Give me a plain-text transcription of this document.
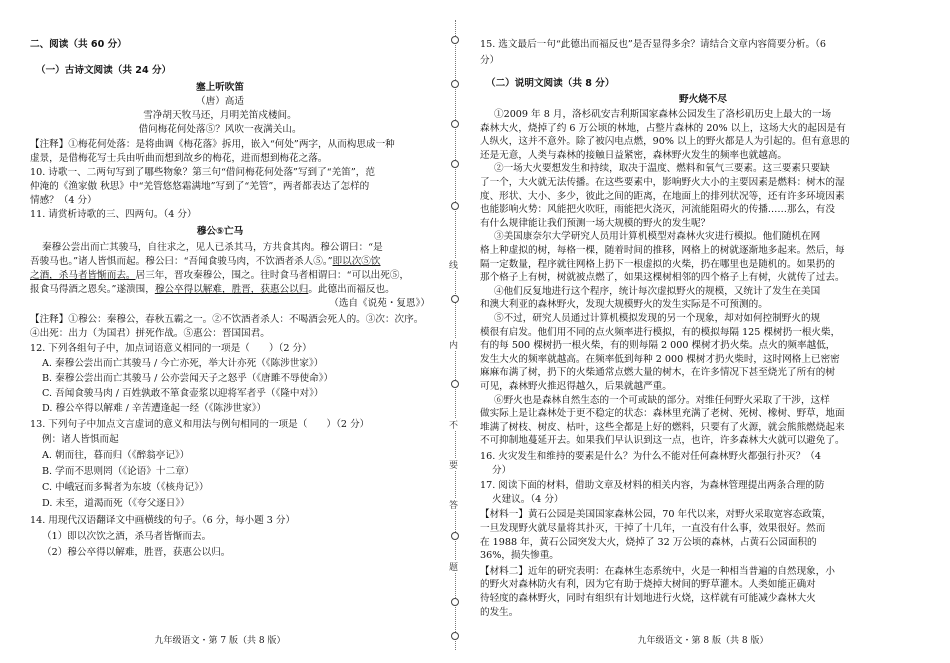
二、阅读（共 60 分）
（一）古诗文阅读（共 24 分）
塞上听吹笛
（唐）高适
雪净胡天牧马还，月明羌笛戍楼间。
借问梅花何处落⑤？风吹一夜满关山。
【注释】①梅花何处落：是将曲调《梅花落》拆用，嵌入“何处”两字，从而构思成一种
虚景，是借梅花写士兵由听曲而想到故乡的梅花，进而想到梅花之落。
10. 诗歌一、二两句写到了哪些物象？第三句“借问梅花何处落”写到了“羌笛”，范
仲淹的《渔家傲 秋思》中“羌管悠悠霜满地”写到了“羌管”，两者都表达了怎样的
情感？（4 分）
11. 请赏析诗歌的三、四两句。（4 分）
穆公⑤亡马
秦穆公尝出而亡其骏马，自往求之，见人已杀其马，方共食其肉。穆公谓曰：“是
吾骏马也。”诸人皆惧而起。穆公曰：“吾闻食骏马肉，不饮酒者杀人⑤。”即以次⑤饮
之酒，杀马者皆惭而去。居三年，晋攻秦穆公，围之。往时食马者相谓曰：“可以出死⑤，
报食马得酒之恩矣。”遂溃围，穆公卒得以解难，胜晋，获惠公以归。此德出而福反也。
（选自《说苑・复恩》）
【注释】①穆公：秦穆公，春秋五霸之一。②不饮酒者杀人：不喝酒会死人的。③次：次序。
④出死：出力（为国君）拼死作战。⑤惠公：晋国国君。
12. 下列各组句子中，加点词语意义相同的一项是（　　）（2 分）
A. 秦穆公尝出而亡其骏马 / 今亡亦死，举大计亦死（《陈涉世家》）
B. 秦穆公尝出而亡其骏马 / 公亦尝闻天子之怒乎（《唐雎不辱使命》）
C. 吾闻食骏马肉 / 百姓孰敢不箪食壶浆以迎将军者乎（《隆中对》）
D. 穆公卒得以解难 / 辛苦遭逢起一经（《陈涉世家》）
13. 下列句子中加点文言虚词的意义和用法与例句相同的一项是（　　）（2 分）
例：诸人皆惧而起
A. 朝而往，暮而归（《醉翁亭记》）
B. 学而不思则罔（《论语》十二章）
C. 中峨冠而多髯者为东坡（《核舟记》）
D. 未至，道渴而死（《夸父逐日》）
14. 用现代汉语翻译文中画横线的句子。（6 分，每小题 3 分）
（1）即以次饮之酒，杀马者皆惭而去。
（2）穆公卒得以解难，胜晋，获惠公以归。
九年级语文・第 7 版（共 8 版）
线
内
不
要
答
题
15. 选文最后一句“此德出而福反也”是否显得多余？请结合文章内容简要分析。（6
分）
（二）说明文阅读（共 8 分）
野火烧不尽
①2009 年 8 月，洛杉矶安吉利斯国家森林公园发生了洛杉矶历史上最大的一场
森林大火，烧掉了约 6 万公顷的林地，占整片森林的 20% 以上，这场大火的起因是有
人纵火，这并不意外。除了被闪电点燃，90% 以上的野火都是人为引起的。但有意思的
还是无意，人类与森林的接触日益紧密，森林野火发生的频率也就越高。
②一场大火要想发生和持续，取决于温度、燃料和氧气三要素。这三要素只要缺
了一个，大火就无法传播。在这些要素中，影响野火大小的主要因素是燃料：树木的湿
度、形状、大小、多少，彼此之间的距离，在地面上的排列状况等，还有许多环境因素
也能影响火势：风能把火吹旺，雨能把火浇灭，河流能阻碍火的传播……那么，有没
有什么规律能让我们预测一场大规模的野火的发生呢？
③美国康奈尔大学研究人员用计算机模型对森林火灾进行模拟。他们随机在网
格上种虚拟的树，每格一棵，随着时间的推移，网格上的树就逐渐地多起来。然后，每
隔一定数量，程序就往网格上扔下一根虚拟的火柴，扔在哪里也是随机的。如果扔的
那个格子上有树，树就被点燃了，如果这棵树相邻的四个格子上有树，火就传了过去。
④他们反复地进行这个程序，统计每次虚拟野火的规模，又统计了发生在美国
和澳大利亚的森林野火，发现大规模野火的发生实际是不可预测的。
⑤不过，研究人员通过计算机模拟发现的另一个现象，却对如何控制野火的规
模很有启发。他们用不同的点火频率进行模拟，有的模拟每隔 125 棵树扔一根火柴，
有的每 500 棵树扔一根火柴，有的则每隔 2 000 棵树才扔火柴。点火的频率越低，
发生大火的频率就越高。在频率低到每种 2 000 棵树才扔火柴时，这时网格上已密密
麻麻布满了树，扔下的火柴通常点燃大量的树木，在许多情况下甚至烧光了所有的树
可见，森林野火推迟得越久，后果就越严重。
⑥野火也是森林自然生态的一个可或缺的部分。对维任何野火采取了干涉，这样
做实际上是让森林处于更不稳定的状态：森林里充满了老树、死树、橡树、野草，地面
堆满了树枝、树皮、枯叶，这些全都是上好的燃料，只要有了火源，就会熊熊燃烧起来
不可抑制地蔓延开去。如果我们早认识到这一点，也许，许多森林大火就可以避免了。
16. 火灾发生和维持的要素是什么？为什么不能对任何森林野火都强行扑灭？（4
分）
17. 阅读下面的材料，借助文章及材料的相关内容，为森林管理提出两条合理的防
火建议。（4 分）
【材料一】黄石公园是美国国家森林公园，70 年代以来，对野火采取宽容态政策，
一旦发现野火就尽量将其扑灭，干掉了十几年，一直没有什么事，效果很好。然而
在 1988 年，黄石公园突发大火，烧掉了 32 万公顷的森林，占黄石公园面积的
36%，损失惨重。
【材料二】近年的研究表明：在森林生态系统中，火是一种相当普遍的自然现象，小
的野火对森林防火有利，因为它有助于烧掉大树间的野草灌木。人类如能正确对
待轻度的森林野火，同时有组织有计划地进行火烧，这样就有可能减少森林大火
的发生。
九年级语文・第 8 版（共 8 版）
